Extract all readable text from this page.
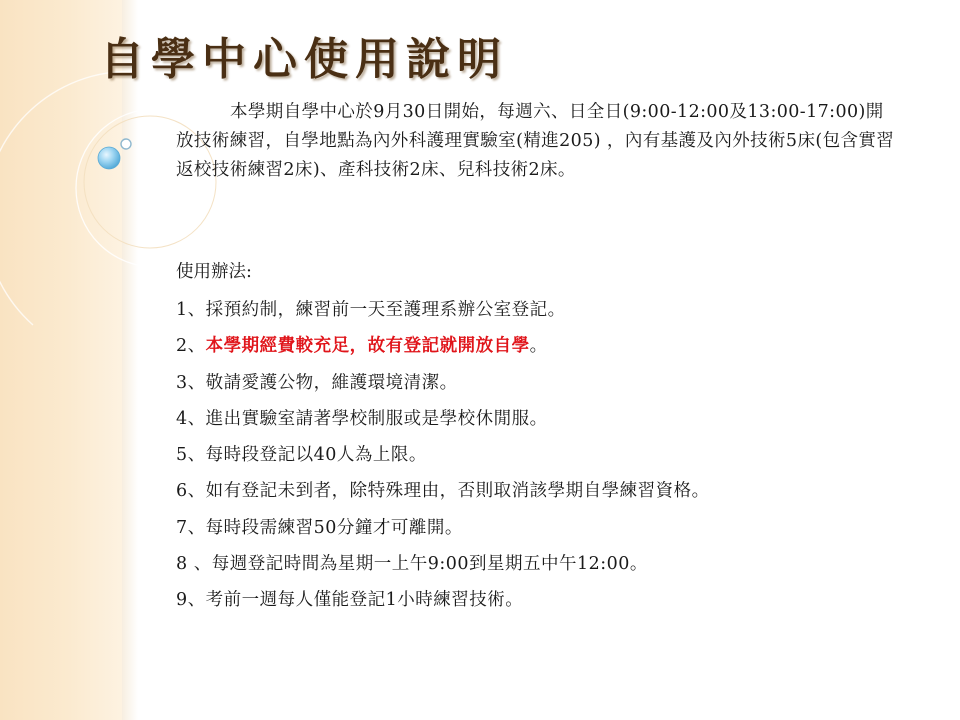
自學中心使用說明

本學期自學中心於9月30日開始，每週六、日全日(9:00-12:00及13:00-17:00)開放技術練習，自學地點為內外科護理實驗室(精進205) ，內有基護及內外技術5床(包含實習返校技術練習2床)、產科技術2床、兒科技術2床。

使用辦法:
1、採預約制，練習前一天至護理系辦公室登記。
2、本學期經費較充足，故有登記就開放自學。
3、敬請愛護公物，維護環境清潔。
4、進出實驗室請著學校制服或是學校休閒服。
5、每時段登記以40人為上限。
6、如有登記未到者，除特殊理由，否則取消該學期自學練習資格。
7、每時段需練習50分鐘才可離開。
8 、每週登記時間為星期一上午9:00到星期五中午12:00。
9、考前一週每人僅能登記1小時練習技術。
